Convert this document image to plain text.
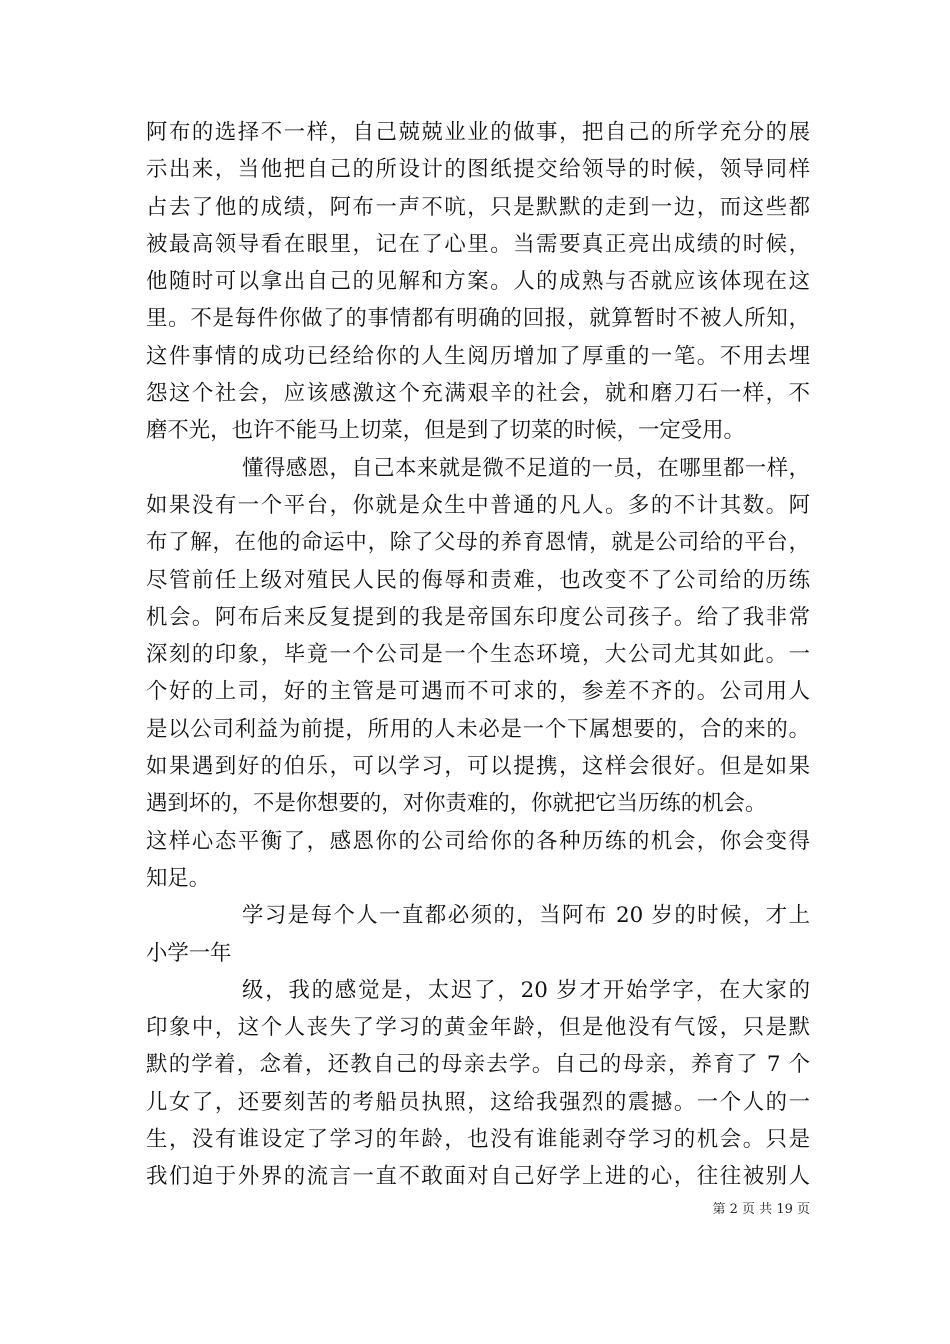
阿布的选择不一样，自己兢兢业业的做事，把自己的所学充分的展
示出来，当他把自己的所设计的图纸提交给领导的时候，领导同样
占去了他的成绩，阿布一声不吭，只是默默的走到一边，而这些都
被最高领导看在眼里，记在了心里。当需要真正亮出成绩的时候，
他随时可以拿出自己的见解和方案。人的成熟与否就应该体现在这
里。不是每件你做了的事情都有明确的回报，就算暂时不被人所知，
这件事情的成功已经给你的人生阅历增加了厚重的一笔。不用去埋
怨这个社会，应该感激这个充满艰辛的社会，就和磨刀石一样，不
磨不光，也许不能马上切菜，但是到了切菜的时候，一定受用。
懂得感恩，自己本来就是微不足道的一员，在哪里都一样，
如果没有一个平台，你就是众生中普通的凡人。多的不计其数。阿
布了解，在他的命运中，除了父母的养育恩情，就是公司给的平台，
尽管前任上级对殖民人民的侮辱和责难，也改变不了公司给的历练
机会。阿布后来反复提到的我是帝国东印度公司孩子。给了我非常
深刻的印象，毕竟一个公司是一个生态环境，大公司尤其如此。一
个好的上司，好的主管是可遇而不可求的，参差不齐的。公司用人
是以公司利益为前提，所用的人未必是一个下属想要的，合的来的。
如果遇到好的伯乐，可以学习，可以提携，这样会很好。但是如果
遇到坏的，不是你想要的，对你责难的，你就把它当历练的机会。
这样心态平衡了，感恩你的公司给你的各种历练的机会，你会变得
知足。
学习是每个人一直都必须的，当阿布 20 岁的时候，才上
小学一年
级，我的感觉是，太迟了，20 岁才开始学字，在大家的
印象中，这个人丧失了学习的黄金年龄，但是他没有气馁，只是默
默的学着，念着，还教自己的母亲去学。自己的母亲，养育了 7 个
儿女了，还要刻苦的考船员执照，这给我强烈的震撼。一个人的一
生，没有谁设定了学习的年龄，也没有谁能剥夺学习的机会。只是
我们迫于外界的流言一直不敢面对自己好学上进的心，往往被别人
第 2 页 共 19 页
